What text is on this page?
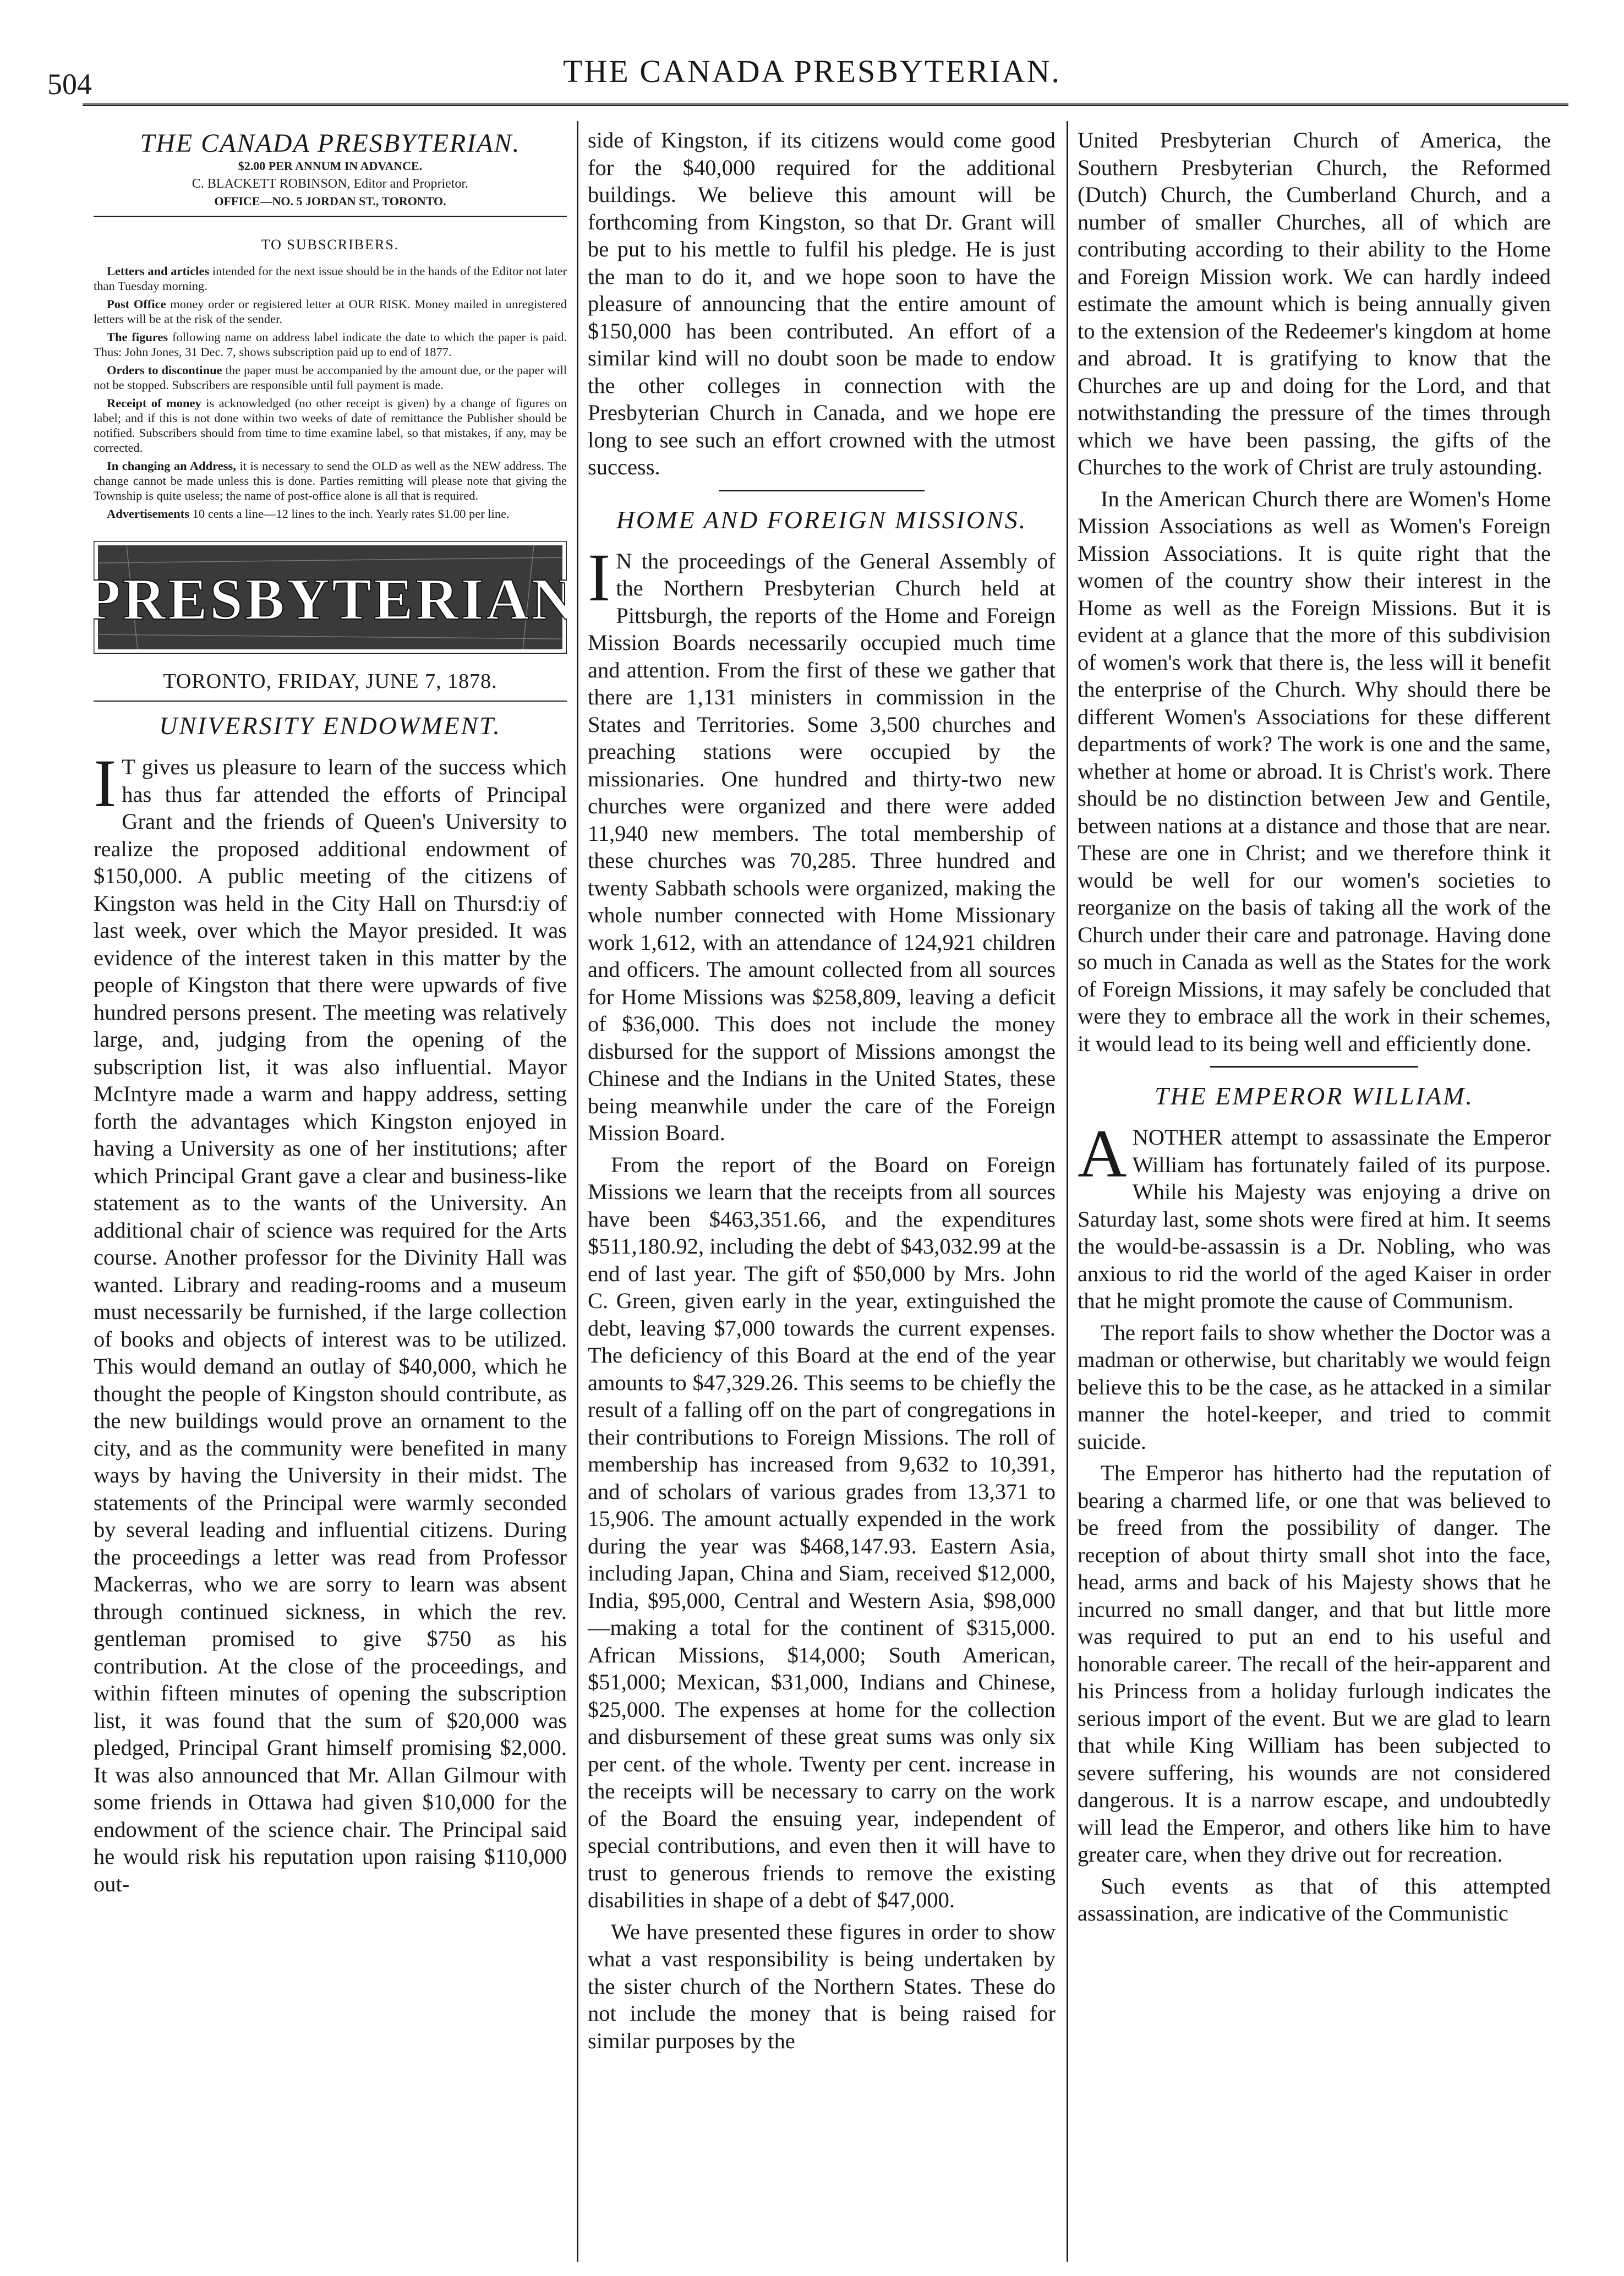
504	THE CANADA PRESBYTERIAN.
THE CANADA PRESBYTERIAN.
$2.00 PER ANNUM IN ADVANCE.
C. BLACKETT ROBINSON, Editor and Proprietor.
OFFICE—NO. 5 JORDAN ST., TORONTO.
TO SUBSCRIBERS.
Letters and articles intended for the next issue should be in the hands of the Editor not later than Tuesday morning.
Post Office money order or registered letter at OUR RISK. Money mailed in unregistered letters will be at the risk of the sender.
The figures following name on address label indicate the date to which the paper is paid. Thus: John Jones, 31 Dec. 7, shows subscription paid up to end of 1877.
Orders to discontinue the paper must be accompanied by the amount due, or the paper will not be stopped. Subscribers are responsible until full payment is made.
Receipt of money is acknowledged (no other receipt is given) by a change of figures on label; and if this is not done within two weeks of date of remittance the Publisher should be notified. Subscribers should from time to time examine label, so that mistakes, if any, may be corrected.
In changing an Address, it is necessary to send the OLD as well as the NEW address. The change cannot be made unless this is done. Parties remitting will please note that giving the Township is quite useless; the name of post-office alone is all that is required.
Advertisements 10 cents a line—12 lines to the inch. Yearly rates $1.00 per line.
PRESBYTERIAN
TORONTO, FRIDAY, JUNE 7, 1878.
UNIVERSITY ENDOWMENT.

I T gives us pleasure to learn of the success which has thus far attended the efforts of Principal Grant and the friends of Queen's University to realize the proposed additional endowment of $150,000. A public meeting of the citizens of Kingston was held in the City Hall on Thursd:iy of last week, over which the Mayor presided. It was evidence of the interest taken in this matter by the people of Kingston that there were upwards of five hundred persons present. The meeting was relatively large, and, judging from the opening of the subscription list, it was also influential. Mayor McIntyre made a warm and happy address, setting forth the advantages which Kingston enjoyed in having a University as one of her institutions; after which Principal Grant gave a clear and business-like statement as to the wants of the University. An additional chair of science was required for the Arts course. Another professor for the Divinity Hall was wanted. Library and reading-rooms and a museum must necessarily be furnished, if the large collection of books and objects of interest was to be utilized. This would demand an outlay of $40,000, which he thought the people of Kingston should contribute, as the new buildings would prove an ornament to the city, and as the community were benefited in many ways by having the University in their midst. The statements of the Principal were warmly seconded by several leading and influential citizens. During the proceedings a letter was read from Professor Mackerras, who we are sorry to learn was absent through continued sickness, in which the rev. gentleman promised to give $750 as his contribution. At the close of the proceedings, and within fifteen minutes of opening the subscription list, it was found that the sum of $20,000 was pledged, Principal Grant himself promising $2,000. It was also announced that Mr. Allan Gilmour with some friends in Ottawa had given $10,000 for the endowment of the science chair. The Principal said he would risk his reputation upon raising $110,000 out-

side of Kingston, if its citizens would come good for the $40,000 required for the additional buildings. We believe this amount will be forthcoming from Kingston, so that Dr. Grant will be put to his mettle to fulfil his pledge. He is just the man to do it, and we hope soon to have the pleasure of announcing that the entire amount of $150,000 has been contributed. An effort of a similar kind will no doubt soon be made to endow the other colleges in connection with the Presbyterian Church in Canada, and we hope ere long to see such an effort crowned with the utmost success.

HOME AND FOREIGN MISSIONS.

I N the proceedings of the General Assembly of the Northern Presbyterian Church held at Pittsburgh, the reports of the Home and Foreign Mission Boards necessarily occupied much time and attention. From the first of these we gather that there are 1,131 ministers in commission in the States and Territories. Some 3,500 churches and preaching stations were occupied by the missionaries. One hundred and thirty-two new churches were organized and there were added 11,940 new members. The total membership of these churches was 70,285. Three hundred and twenty Sabbath schools were organized, making the whole number connected with Home Missionary work 1,612, with an attendance of 124,921 children and officers. The amount collected from all sources for Home Missions was $258,809, leaving a deficit of $36,000. This does not include the money disbursed for the support of Missions amongst the Chinese and the Indians in the United States, these being meanwhile under the care of the Foreign Mission Board.

From the report of the Board on Foreign Missions we learn that the receipts from all sources have been $463,351.66, and the expenditures $511,180.92, including the debt of $43,032.99 at the end of last year. The gift of $50,000 by Mrs. John C. Green, given early in the year, extinguished the debt, leaving $7,000 towards the current expenses. The deficiency of this Board at the end of the year amounts to $47,329.26. This seems to be chiefly the result of a falling off on the part of congregations in their contributions to Foreign Missions. The roll of membership has increased from 9,632 to 10,391, and of scholars of various grades from 13,371 to 15,906. The amount actually expended in the work during the year was $468,147.93. Eastern Asia, including Japan, China and Siam, received $12,000, India, $95,000, Central and Western Asia, $98,000—making a total for the continent of $315,000. African Missions, $14,000; South American, $51,000; Mexican, $31,000, Indians and Chinese, $25,000. The expenses at home for the collection and disbursement of these great sums was only six per cent. of the whole. Twenty per cent. increase in the receipts will be necessary to carry on the work of the Board the ensuing year, independent of special contributions, and even then it will have to trust to generous friends to remove the existing disabilities in shape of a debt of $47,000.

We have presented these figures in order to show what a vast responsibility is being undertaken by the sister church of the Northern States. These do not include the money that is being raised for similar purposes by the

United Presbyterian Church of America, the Southern Presbyterian Church, the Reformed (Dutch) Church, the Cumberland Church, and a number of smaller Churches, all of which are contributing according to their ability to the Home and Foreign Mission work. We can hardly indeed estimate the amount which is being annually given to the extension of the Redeemer's kingdom at home and abroad. It is gratifying to know that the Churches are up and doing for the Lord, and that notwithstanding the pressure of the times through which we have been passing, the gifts of the Churches to the work of Christ are truly astounding.

In the American Church there are Women's Home Mission Associations as well as Women's Foreign Mission Associations. It is quite right that the women of the country show their interest in the Home as well as the Foreign Missions. But it is evident at a glance that the more of this subdivision of women's work that there is, the less will it benefit the enterprise of the Church. Why should there be different Women's Associations for these different departments of work? The work is one and the same, whether at home or abroad. It is Christ's work. There should be no distinction between Jew and Gentile, between nations at a distance and those that are near. These are one in Christ; and we therefore think it would be well for our women's societies to reorganize on the basis of taking all the work of the Church under their care and patronage. Having done so much in Canada as well as the States for the work of Foreign Missions, it may safely be concluded that were they to embrace all the work in their schemes, it would lead to its being well and efficiently done.

THE EMPEROR WILLIAM.

ANOTHER attempt to assassinate the Emperor William has fortunately failed of its purpose. While his Majesty was enjoying a drive on Saturday last, some shots were fired at him. It seems the would-be-assassin is a Dr. Nobling, who was anxious to rid the world of the aged Kaiser in order that he might promote the cause of Communism.

The report fails to show whether the Doctor was a madman or otherwise, but charitably we would feign believe this to be the case, as he attacked in a similar manner the hotel-keeper, and tried to commit suicide.

The Emperor has hitherto had the reputation of bearing a charmed life, or one that was believed to be freed from the possibility of danger. The reception of about thirty small shot into the face, head, arms and back of his Majesty shows that he incurred no small danger, and that but little more was required to put an end to his useful and honorable career. The recall of the heir-apparent and his Princess from a holiday furlough indicates the serious import of the event. But we are glad to learn that while King William has been subjected to severe suffering, his wounds are not considered dangerous. It is a narrow escape, and undoubtedly will lead the Emperor, and others like him to have greater care, when they drive out for recreation.

Such events as that of this attempted assassination, are indicative of the Communistic
